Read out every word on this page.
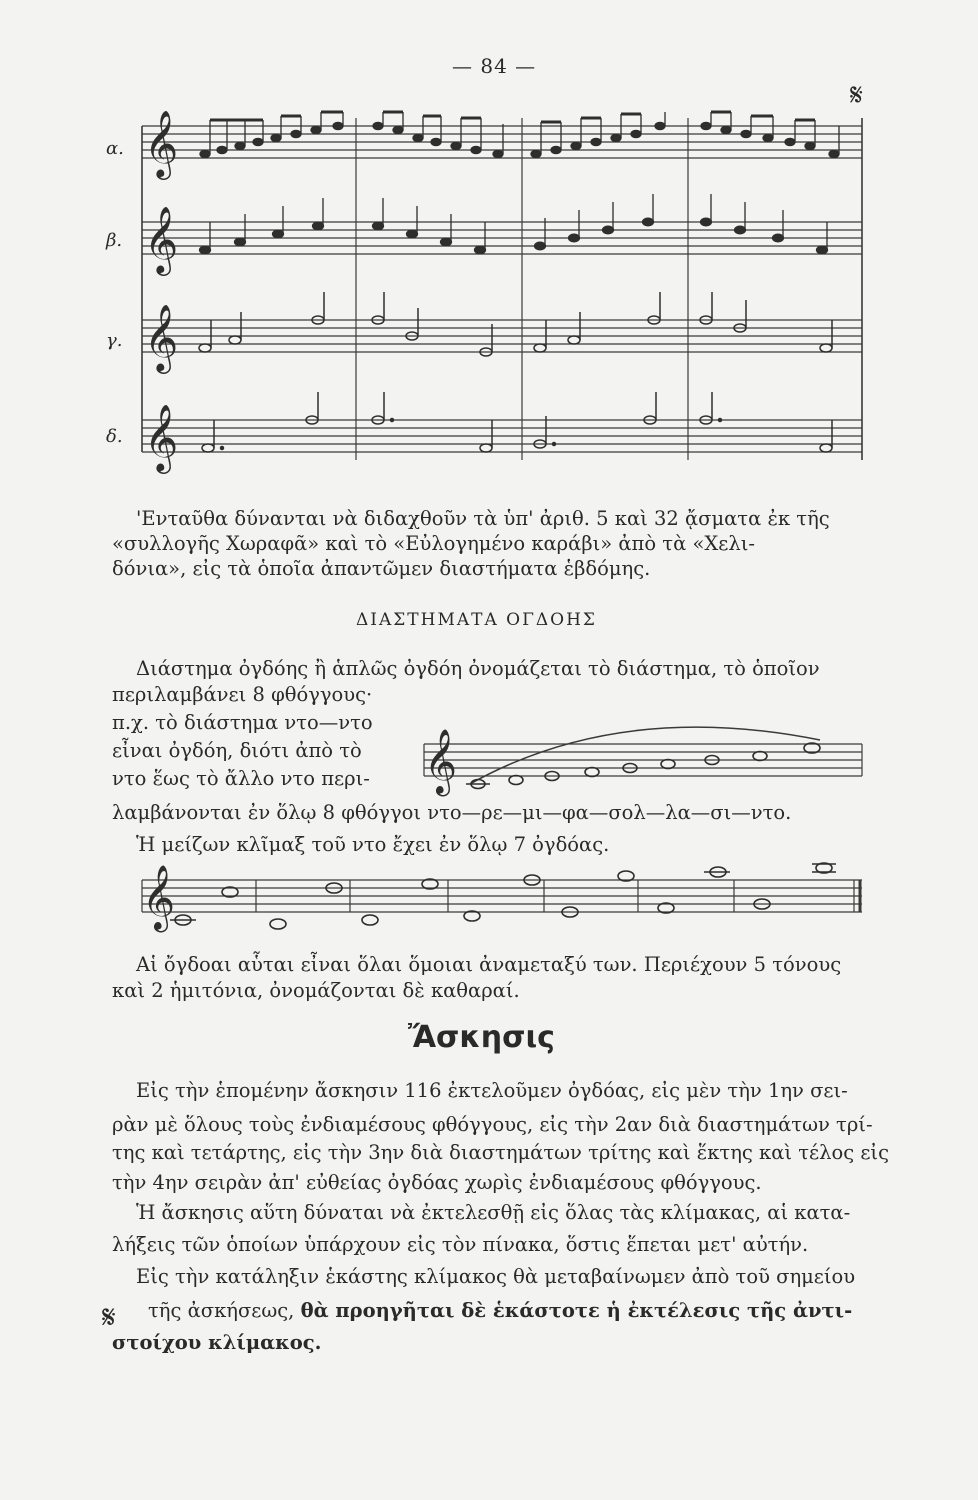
— 84 —
𝄋
α.
β.
γ.
δ.
𝄞
𝄞
𝄞
𝄞
'Ενταῦθα δύνανται νὰ διδαχθοῦν τὰ ὑπ' ἀριθ. 5 καὶ 32 ᾄσματα ἐκ τῆς
«συλλογῆς Χωραφᾶ» καὶ τὸ «Εὐλογημένο καράβι» ἀπὸ τὰ «Χελι-
δόνια», εἰς τὰ ὁποῖα ἀπαντῶμεν διαστήματα ἑβδόμης.
ΔΙΑΣΤΗΜΑΤΑ ΟΓΔΟΗΣ
Διάστημα ὀγδόης ἢ ἁπλῶς ὀγδόη ὀνομάζεται τὸ διάστημα, τὸ ὁποῖον
περιλαμβάνει 8 φθόγγους·
π.χ. τὸ διάστημα ντο—ντο
εἶναι ὀγδόη, διότι ἀπὸ τὸ
ντο ἕως τὸ ἄλλο ντο περι- 𝄞
λαμβάνονται ἐν ὅλῳ 8 φθόγγοι ντο—ρε—μι—φα—σολ—λα—σι—ντο.
Ἡ μείζων κλῖμαξ τοῦ ντο ἔχει ἐν ὅλῳ 7 ὀγδόας.
𝄞
Αἱ ὄγδοαι αὗται εἶναι ὅλαι ὅμοιαι ἀναμεταξύ των. Περιέχουν 5 τόνους
καὶ 2 ἡμιτόνια, ὀνομάζονται δὲ καθαραί.
Ἄσκησις
Εἰς τὴν ἑπομένην ἄσκησιν 116 ἐκτελοῦμεν ὀγδόας, εἰς μὲν τὴν 1ην σει-
ρὰν μὲ ὅλους τοὺς ἐνδιαμέσους φθόγγους, εἰς τὴν 2αν διὰ διαστημάτων τρί-
της καὶ τετάρτης, εἰς τὴν 3ην διὰ διαστημάτων τρίτης καὶ ἕκτης καὶ τέλος εἰς
τὴν 4ην σειρὰν ἀπ' εὐθείας ὀγδόας χωρὶς ἐνδιαμέσους φθόγγους.
Ἡ ἄσκησις αὕτη δύναται νὰ ἐκτελεσθῇ εἰς ὅλας τὰς κλίμακας, αἱ κατα-
λήξεις τῶν ὁποίων ὑπάρχουν εἰς τὸν πίνακα, ὅστις ἕπεται μετ' αὐτήν.
Εἰς τὴν κατάληξιν ἑκάστης κλίμακος θὰ μεταβαίνωμεν ἀπὸ τοῦ σημείου
𝄋 τῆς ἀσκήσεως, θὰ προηγῆται δὲ ἑκάστοτε ἡ ἐκτέλεσις τῆς ἀντι-
στοίχου κλίμακος.
